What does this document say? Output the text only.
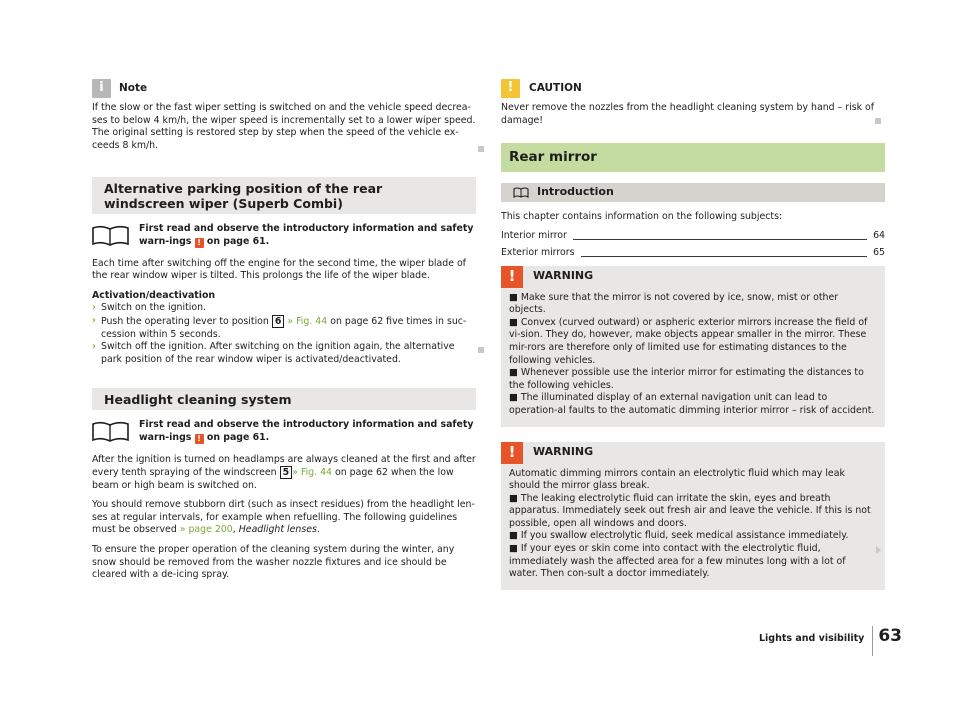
i	Note

If the slow or the fast wiper setting is switched on and the vehicle speed decrea-ses to below 4 km/h, the wiper speed is incrementally set to a lower wiper speed. The original setting is restored step by step when the speed of the vehicle ex-ceeds 8 km/h.

Alternative parking position of the rear windscreen wiper (Superb Combi)
First read and observe the introductory information and safety warn-ings ! on page 61.

Each time after switching off the engine for the second time, the wiper blade of the rear window wiper is tilted. This prolongs the life of the wiper blade.

Activation/deactivation
› Switch on the ignition.
› Push the operating lever to position 6 » Fig. 44 on page 62 five times in suc-cession within 5 seconds.
› Switch off the ignition. After switching on the ignition again, the alternative park position of the rear window wiper is activated/deactivated.
Headlight cleaning system
First read and observe the introductory information and safety warn-ings ! on page 61.

After the ignition is turned on headlamps are always cleaned at the first and after every tenth spraying of the windscreen 5 » Fig. 44 on page 62 when the low beam or high beam is switched on.

You should remove stubborn dirt (such as insect residues) from the headlight len-ses at regular intervals, for example when refuelling. The following guidelines must be observed » page 200, Headlight lenses.

To ensure the proper operation of the cleaning system during the winter, any snow should be removed from the washer nozzle fixtures and ice should be cleared with a de-icing spray.

!	CAUTION

Never remove the nozzles from the headlight cleaning system by hand – risk of damage!

Rear mirror
Introduction

This chapter contains information on the following subjects:

Interior mirror	64
Exterior mirrors	65
!	WARNING

■ Make sure that the mirror is not covered by ice, snow, mist or other objects.

■ Convex (curved outward) or aspheric exterior mirrors increase the field of vi-sion. They do, however, make objects appear smaller in the mirror. These mir-rors are therefore only of limited use for estimating distances to the following vehicles.

■ Whenever possible use the interior mirror for estimating the distances to the following vehicles.

■ The illuminated display of an external navigation unit can lead to operation-al faults to the automatic dimming interior mirror – risk of accident.

!	WARNING

Automatic dimming mirrors contain an electrolytic fluid which may leak should the mirror glass break.

■ The leaking electrolytic fluid can irritate the skin, eyes and breath apparatus. Immediately seek out fresh air and leave the vehicle. If this is not possible, open all windows and doors.

■ If you swallow electrolytic fluid, seek medical assistance immediately.

■ If your eyes or skin come into contact with the electrolytic fluid, immediately wash the affected area for a few minutes long with a lot of water. Then con-sult a doctor immediately.

Lights and visibility 63
